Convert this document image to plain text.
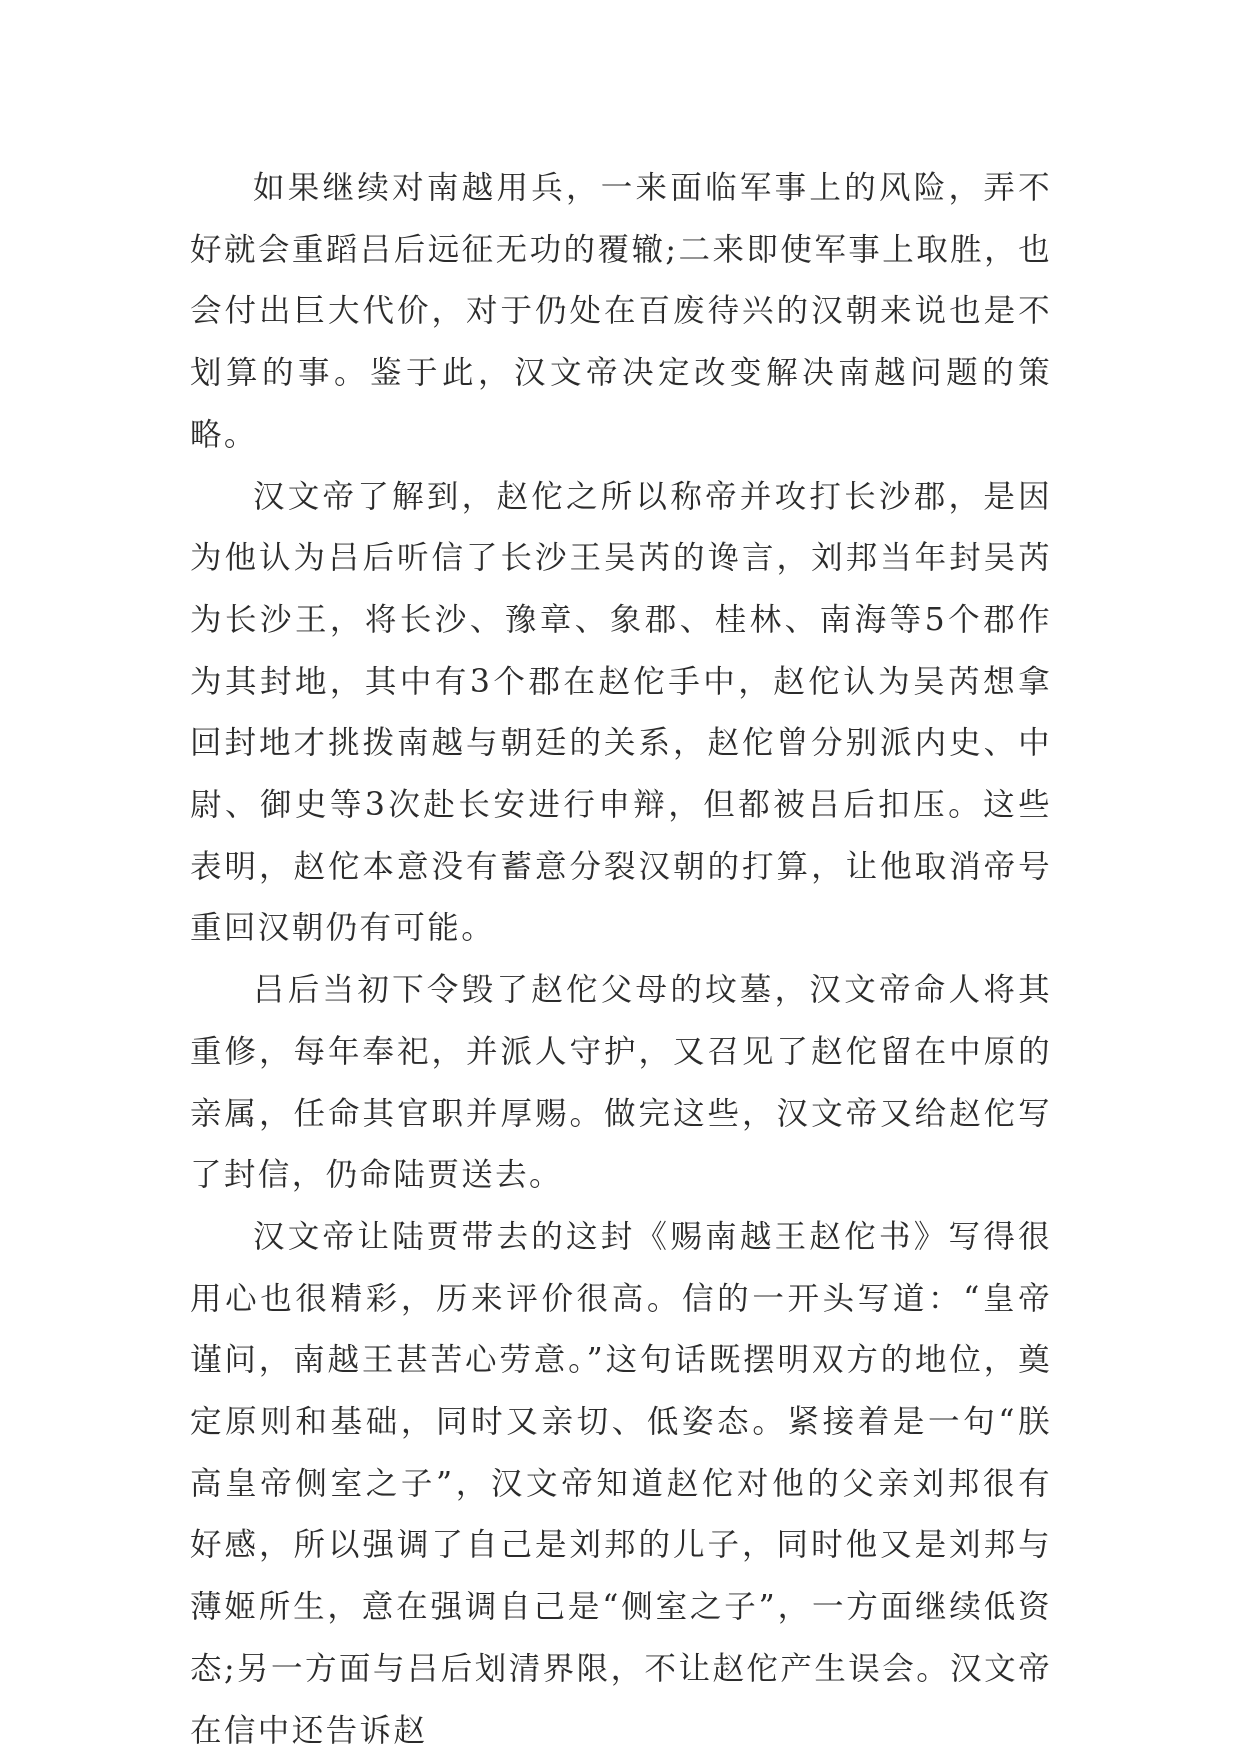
如果继续对南越用兵，一来面临军事上的风险，弄不好就会重蹈吕后远征无功的覆辙;二来即使军事上取胜，也会付出巨大代价，对于仍处在百废待兴的汉朝来说也是不划算的事。鉴于此，汉文帝决定改变解决南越问题的策略。

汉文帝了解到，赵佗之所以称帝并攻打长沙郡，是因为他认为吕后听信了长沙王吴芮的谗言，刘邦当年封吴芮为长沙王，将长沙、豫章、象郡、桂林、南海等5个郡作为其封地，其中有3个郡在赵佗手中，赵佗认为吴芮想拿回封地才挑拨南越与朝廷的关系，赵佗曾分别派内史、中尉、御史等3次赴长安进行申辩，但都被吕后扣压。这些表明，赵佗本意没有蓄意分裂汉朝的打算，让他取消帝号重回汉朝仍有可能。

吕后当初下令毁了赵佗父母的坟墓，汉文帝命人将其重修，每年奉祀，并派人守护，又召见了赵佗留在中原的亲属，任命其官职并厚赐。做完这些，汉文帝又给赵佗写了封信，仍命陆贾送去。

汉文帝让陆贾带去的这封《赐南越王赵佗书》写得很用心也很精彩，历来评价很高。信的一开头写道：“皇帝谨问，南越王甚苦心劳意。”这句话既摆明双方的地位，奠定原则和基础，同时又亲切、低姿态。紧接着是一句“朕高皇帝侧室之子”，汉文帝知道赵佗对他的父亲刘邦很有好感，所以强调了自己是刘邦的儿子，同时他又是刘邦与薄姬所生，意在强调自己是“侧室之子”，一方面继续低资态;另一方面与吕后划清界限，不让赵佗产生误会。汉文帝在信中还告诉赵
